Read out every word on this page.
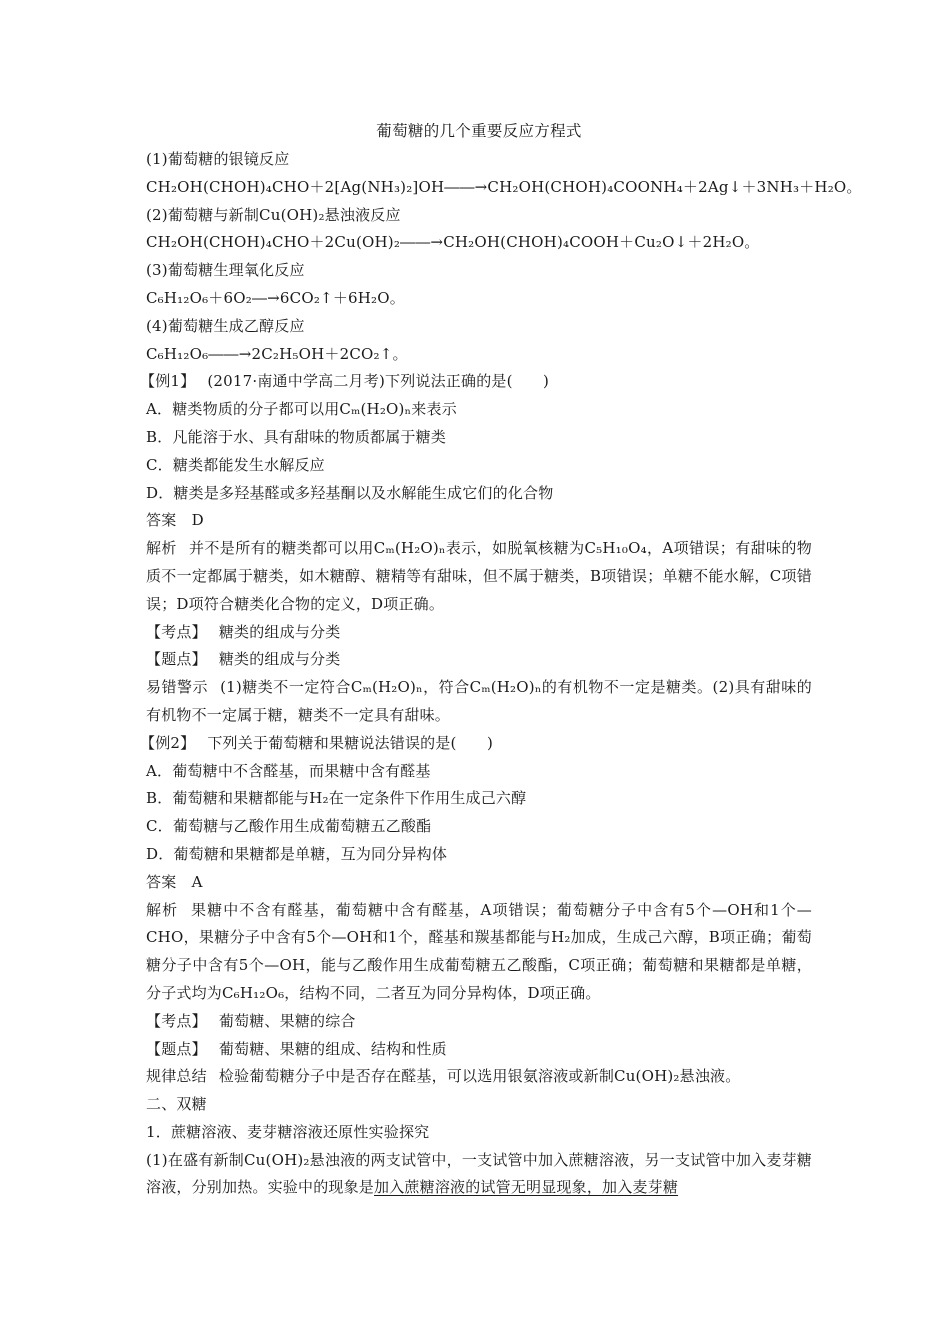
葡萄糖的几个重要反应方程式
(1)葡萄糖的银镜反应
CH₂OH(CHOH)₄CHO＋2[Ag(NH₃)₂]OH――→CH₂OH(CHOH)₄COONH₄＋2Ag↓＋3NH₃＋H₂O。
(2)葡萄糖与新制Cu(OH)₂悬浊液反应
CH₂OH(CHOH)₄CHO＋2Cu(OH)₂――→CH₂OH(CHOH)₄COOH＋Cu₂O↓＋2H₂O。
(3)葡萄糖生理氧化反应
C₆H₁₂O₆＋6O₂―→6CO₂↑＋6H₂O。
(4)葡萄糖生成乙醇反应
C₆H₁₂O₆――→2C₂H₅OH＋2CO₂↑。
【例1】 (2017·南通中学高二月考)下列说法正确的是(　　)
A．糖类物质的分子都可以用Cₘ(H₂O)ₙ来表示
B．凡能溶于水、具有甜味的物质都属于糖类
C．糖类都能发生水解反应
D．糖类是多羟基醛或多羟基酮以及水解能生成它们的化合物
答案　D
解析 并不是所有的糖类都可以用Cₘ(H₂O)ₙ表示，如脱氧核糖为C₅H₁₀O₄，A项错误；有甜味的物质不一定都属于糖类，如木糖醇、糖精等有甜味，但不属于糖类，B项错误；单糖不能水解，C项错误；D项符合糖类化合物的定义，D项正确。
【考点】 糖类的组成与分类
【题点】 糖类的组成与分类
易错警示 (1)糖类不一定符合Cₘ(H₂O)ₙ，符合Cₘ(H₂O)ₙ的有机物不一定是糖类。(2)具有甜味的有机物不一定属于糖，糖类不一定具有甜味。
【例2】 下列关于葡萄糖和果糖说法错误的是(　　)
A．葡萄糖中不含醛基，而果糖中含有醛基
B．葡萄糖和果糖都能与H₂在一定条件下作用生成己六醇
C．葡萄糖与乙酸作用生成葡萄糖五乙酸酯
D．葡萄糖和果糖都是单糖，互为同分异构体
答案　A
解析 果糖中不含有醛基，葡萄糖中含有醛基，A项错误；葡萄糖分子中含有5个—OH和1个—CHO，果糖分子中含有5个—OH和1个，醛基和羰基都能与H₂加成，生成己六醇，B项正确；葡萄糖分子中含有5个—OH，能与乙酸作用生成葡萄糖五乙酸酯，C项正确；葡萄糖和果糖都是单糖，分子式均为C₆H₁₂O₆，结构不同，二者互为同分异构体，D项正确。
【考点】 葡萄糖、果糖的综合
【题点】 葡萄糖、果糖的组成、结构和性质
规律总结 检验葡萄糖分子中是否存在醛基，可以选用银氨溶液或新制Cu(OH)₂悬浊液。
二、双糖
1．蔗糖溶液、麦芽糖溶液还原性实验探究
(1)在盛有新制Cu(OH)₂悬浊液的两支试管中，一支试管中加入蔗糖溶液，另一支试管中加入麦芽糖溶液，分别加热。实验中的现象是加入蔗糖溶液的试管无明显现象，加入麦芽糖
